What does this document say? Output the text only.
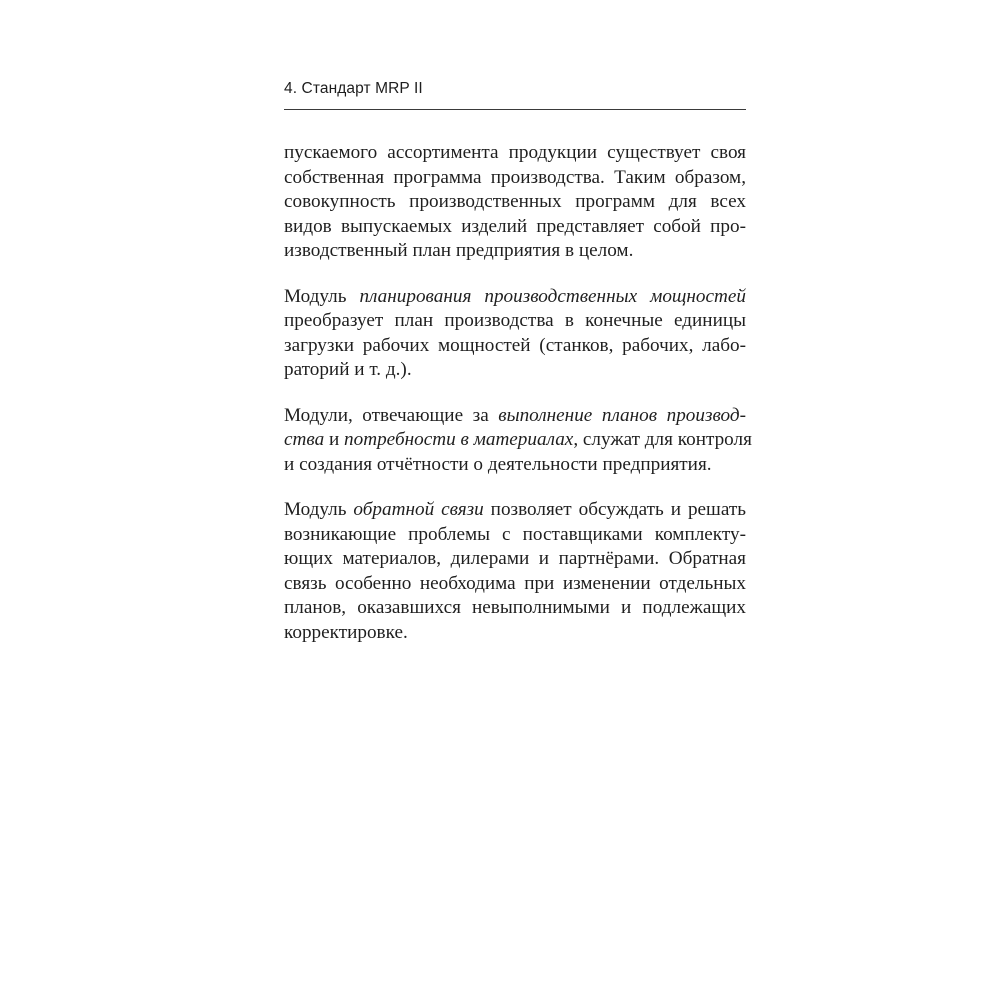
4. Стандарт MRP II
пускаемого ассортимента продукции существует своя
собственная программа производства. Таким образом,
совокупность производственных программ для всех
видов выпускаемых изделий представляет собой про-
изводственный план предприятия в целом.
Модуль планирования производственных мощностей
преобразует план производства в конечные единицы
загрузки рабочих мощностей (станков, рабочих, лабо-
раторий и т. д.).
Модули, отвечающие за выполнение планов производ-
ства и потребности в материалах, служат для контроля
и создания отчётности о деятельности предприятия.
Модуль обратной связи позволяет обсуждать и решать
возникающие проблемы с поставщиками комплекту-
ющих материалов, дилерами и партнёрами. Обратная
связь особенно необходима при изменении отдельных
планов, оказавшихся невыполнимыми и подлежащих
корректировке.
